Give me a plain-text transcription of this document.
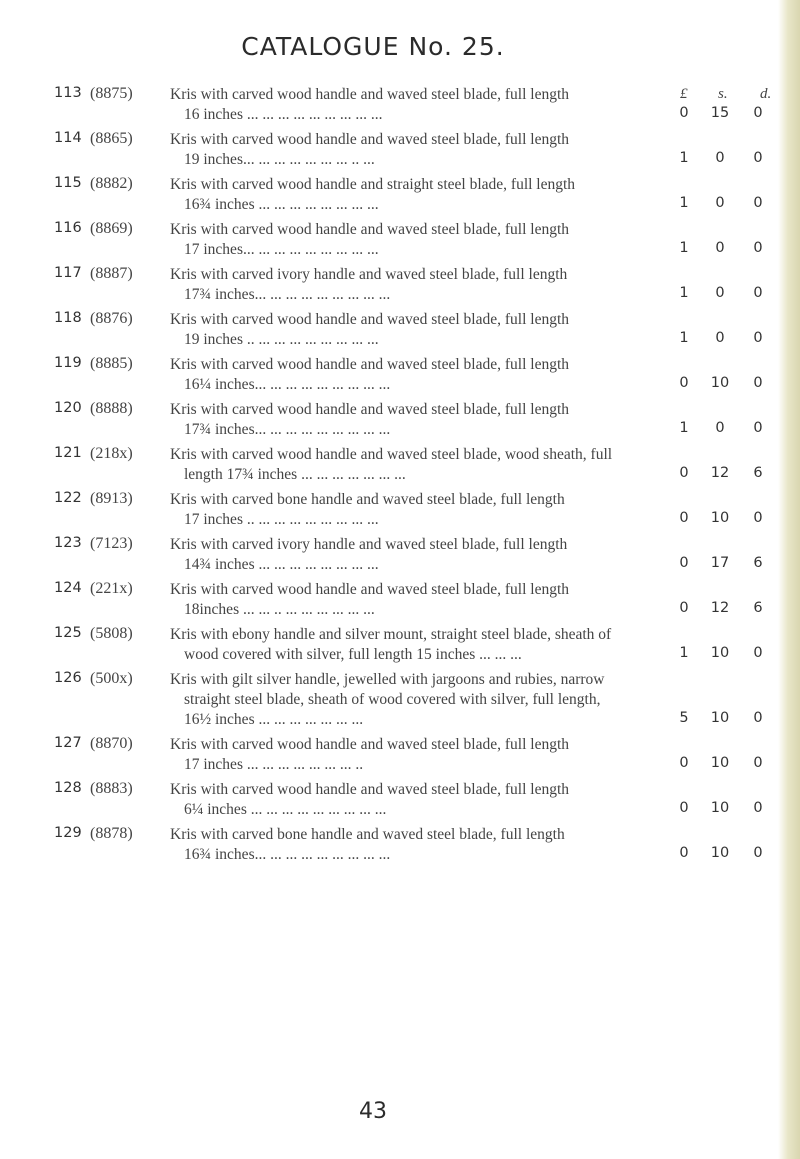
CATALOGUE No. 25.
£ s. d.
113 (8875) Kris with carved wood handle and waved steel blade, full length
16 inches ... ... ... ... ... ... ... ... ...	0	15	0
114 (8865) Kris with carved wood handle and waved steel blade, full length
19 inches... ... ... ... ... ... ... .. ...	1	0	0
115 (8882) Kris with carved wood handle and straight steel blade, full length
16¾ inches ... ... ... ... ... ... ... ...	1	0	0
116 (8869) Kris with carved wood handle and waved steel blade, full length
17 inches... ... ... ... ... ... ... ... ...	1	0	0
117 (8887) Kris with carved ivory handle and waved steel blade, full length
17¾ inches... ... ... ... ... ... ... ... ...	1	0	0
118 (8876) Kris with carved wood handle and waved steel blade, full length
19 inches .. ... ... ... ... ... ... ... ...	1	0	0
119 (8885) Kris with carved wood handle and waved steel blade, full length
16¼ inches... ... ... ... ... ... ... ... ...	0	10	0
120 (8888) Kris with carved wood handle and waved steel blade, full length
17¾ inches... ... ... ... ... ... ... ... ...	1	0	0
121 (218x) Kris with carved wood handle and waved steel blade, wood sheath, full
length 17¾ inches ... ... ... ... ... ... ...	0	12	6
122 (8913) Kris with carved bone handle and waved steel blade, full length
17 inches .. ... ... ... ... ... ... ... ...	0	10	0
123 (7123) Kris with carved ivory handle and waved steel blade, full length
14¾ inches ... ... ... ... ... ... ... ...	0	17	6
124 (221x) Kris with carved wood handle and waved steel blade, full length
18inches ... ... .. ... ... ... ... ... ...	0	12	6
125 (5808) Kris with ebony handle and silver mount, straight steel blade, sheath of
wood covered with silver, full length 15 inches ... ... ...	1	10	0
126 (500x) Kris with gilt silver handle, jewelled with jargoons and rubies, narrow
straight steel blade, sheath of wood covered with silver, full length,
16½ inches ... ... ... ... ... ... ...	5	10	0
127 (8870) Kris with carved wood handle and waved steel blade, full length
17 inches ... ... ... ... ... ... ... ..	0	10	0
128 (8883) Kris with carved wood handle and waved steel blade, full length
6¼ inches ... ... ... ... ... ... ... ... ...	0	10	0
129 (8878) Kris with carved bone handle and waved steel blade, full length
16¾ inches... ... ... ... ... ... ... ... ...	0	10	0
43
